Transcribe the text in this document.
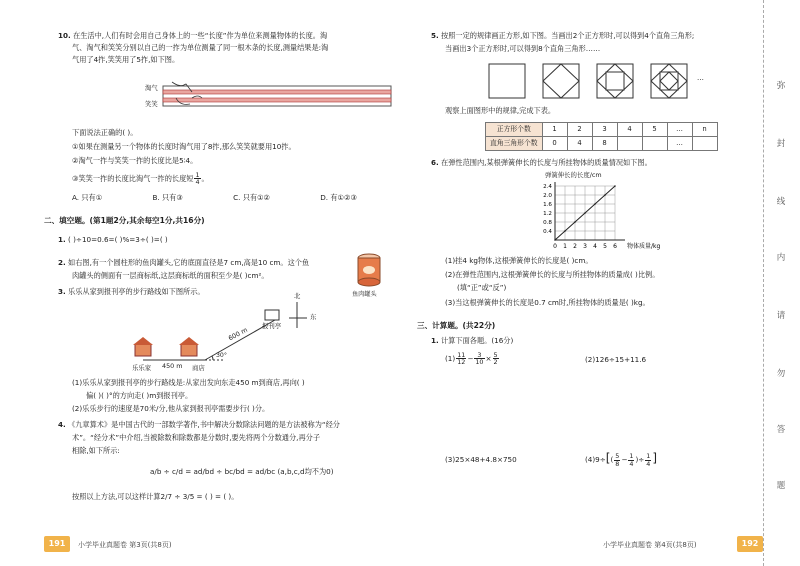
10. 在生活中,人们有时会用自己身体上的一些“长度”作为单位来测量物体的长度。淘
气、淘气和笑笑分别以自己的一拃为单位测量了同一根木条的长度,测量结果是:淘
气用了4拃,笑笑用了5拃,如下图。
淘气
笑笑
下面说法正确的( )。
①如果在测量另一个物体的长度时淘气用了8拃,那么笑笑就要用10拃。
②淘气一拃与笑笑一拃的长度比是5∶4。
③笑笑一拃的长度比淘气一拃的长度短 $\frac{1}{4}$ 。
A. 只有①	B. 只有③	C. 只有①②	D. 有①②③
二、填空题。(第1题2分,其余每空1分,共16分)
1. ( )÷10=0.6=( )%=3÷( )=( )
2. 如右图,有一个圆柱形的鱼肉罐头,它的底面直径是7 cm,高是10 cm。这个鱼
肉罐头的侧面有一层商标纸,这层商标纸的面积至少是( )cm²。
鱼肉罐头
3. 乐乐从家到报刊亭的步行路线如下图所示。
乐乐家 450 m 商店
30°
600 m 报刊亭
北
东
(1)乐乐从家到报刊亭的步行路线是:从家出发向东走450 m到商店,再向( )
偏( )( )°的方向走( )m到报刊亭。
(2)乐乐步行的速度是70米/分,他从家到报刊亭需要步行( )分。
4. 《九章算术》是中国古代的一部数学著作,书中解决分数除法问题的是方法被称为“经分
术”。“经分术”中介绍,当被除数和除数都是分数时,要先将两个分数通分,再分子
相除,如下所示:
a/b ÷ c/d = ad/bd ÷ bc/bd = ad/bc (a,b,c,d均不为0)
按照以上方法,可以这样计算2/7 ÷ 3/5 = ( ) = ( )。
191	小学毕业真题卷 第3页(共8页)
5. 按照一定的规律画正方形,如下图。当画出2个正方形时,可以得到4个直角三角形;
当画出3个正方形时,可以得到8个直角三角形……
···
观察上面图形中的规律,完成下表。
正方形个数	1	2	3	4	5	…	n
直角三角形个数	0	4	8			…	
6. 在弹性范围内,某根弹簧伸长的长度与所挂物体的质量情况如下图。
弹簧伸长的长度/cm
0 1 2 3 4 5 6
0.4
0.8
1.2
1.6
2.0
2.4
物体质量/kg
(1)挂4 kg物体,这根弹簧伸长的长度是( )cm。
(2)在弹性范围内,这根弹簧伸长的长度与所挂物体的质量成( )比例。
(填“正”或“反”)
(3)当这根弹簧伸长的长度是0.7 cm时,所挂物体的质量是( )kg。
三、计算题。(共22分)
1. 计算下面各题。(16分)
$(1) \frac{11}{12} - \frac{3}{10} \times \frac{5}{2}$	(2)126÷15+11.6
(3)25×48+4.8×750	$(4)9\div[( \frac{5}{8} - \frac{1}{4}$ )÷ $\frac{1}{4}$ ]
小学毕业真题卷 第4页(共8页)	192
弥
封
线
内
请
勿
答
题
